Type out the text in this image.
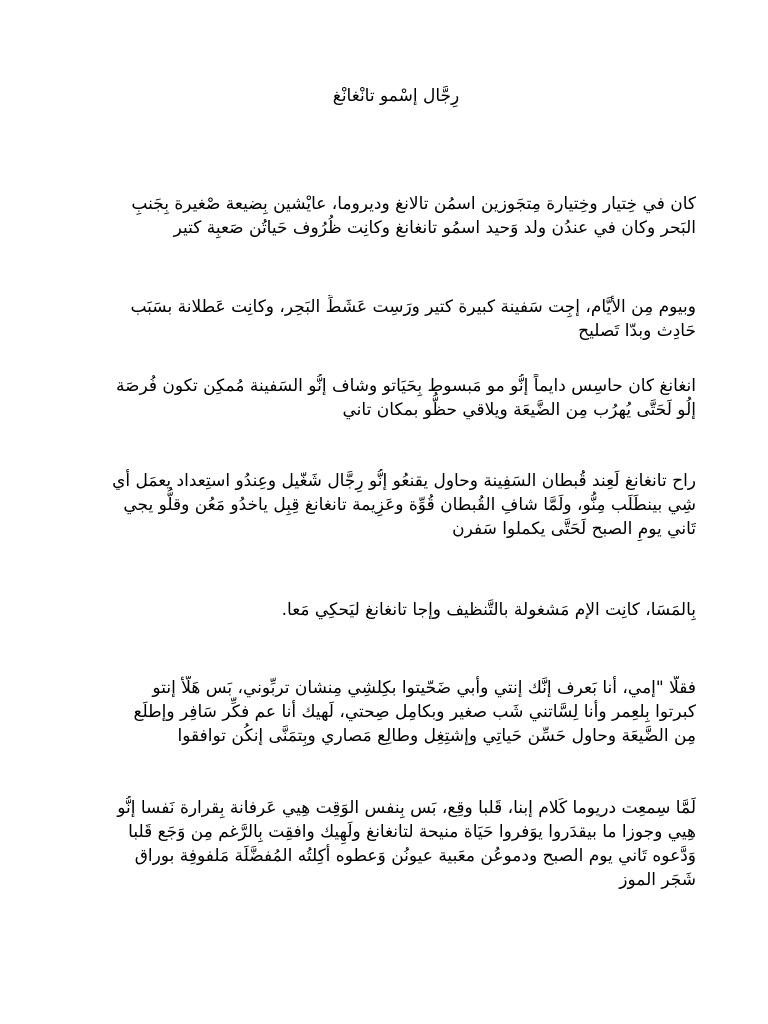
رِجَّال إسْمو تانْغانْغ

كان في خِتيار وخِتيارة مِتجَوزين اسمُن تالانغ وديروما، عايْشين بِضيعة صْغيرة بِجَنبِ
البَحر وكان في عندُن ولد وَحيد اسمُو تانغانغ وكانِت ظُرُوف حَياتُن صَعبِة كتير

وبيوم مِن الأيَّام، إجِت سَفينة كبيرة كتير ورَسِت عَشَطِّ البَحِر، وكانِت عَطلانة بسَبَب
حَادِث وبدّا تَصليح

انغانغ كان حاسِس دايماً إنُّو مو مَبسوط بِحَيَاتو وشاف إنُّو السَفينة مُمكِن تكون فُرصَة
إلُو لَحَتَّى يُهرُب مِن الضَّيعَة ويلاقي حظُّو بمكان تاني

راح تانغانغ لَعِند قُبطان السَفِينة وحاول يقنعُو إنُّو رِجَّال شَغّيل وعِندُو استِعداد يعمَل أي
شِي بينطَلَب مِنُّو، ولَمَّا شافِ القُبطان قُوِّة وعَزِيمة تانغانغ قِبِل ياخدُو مَعُن وقلُّو يجي
تَاني يومِ الصبح لَحَتَّى يكملوا سَفرن

بِالمَسَا، كانِت الإم مَشغولة بالتَّنظيف وإجا تانغانغ ليَحكِي مَعا.

فقلّا "إمي، أنا بَعرف إنَّك إنتي وأبي ضَحّيتوا بكِلشِي مِنشان تربِّوني، بَس هَلّأ إنتو
كبرتوا بِلعِمر وأنا لِسَّاتني شَب صغير وبكامِل صِحتي، لَهيك أنا عم فكِّر سَافِر وإطلَع
مِن الضَّيعَة وحاول حَسِّن حَياتِي وإشتِغِل وطالِع مَصاري وبِتمَنَّى إنكُن توافقوا

لَمَّا سِمعِت دريوما كَلام إبنا، قَلبا وقِع، بَس بِنفس الوَقِت هِيي عَرفانة بِقرارة نَفسا إنُّو
هِيي وجوزا ما بيقدَروا يوَفروا حَيَاة منيحة لتانغانغ ولَهِيك وافقِت بِالرَّغم مِن وَجَع قَلبا
وَدَّعوه تَاني يوم الصبح ودموعُن معَبية عيونُن وَعطوه أكِلتُه المُفضَّلَة مَلفوفِة بوراق
شَجَر الموز
